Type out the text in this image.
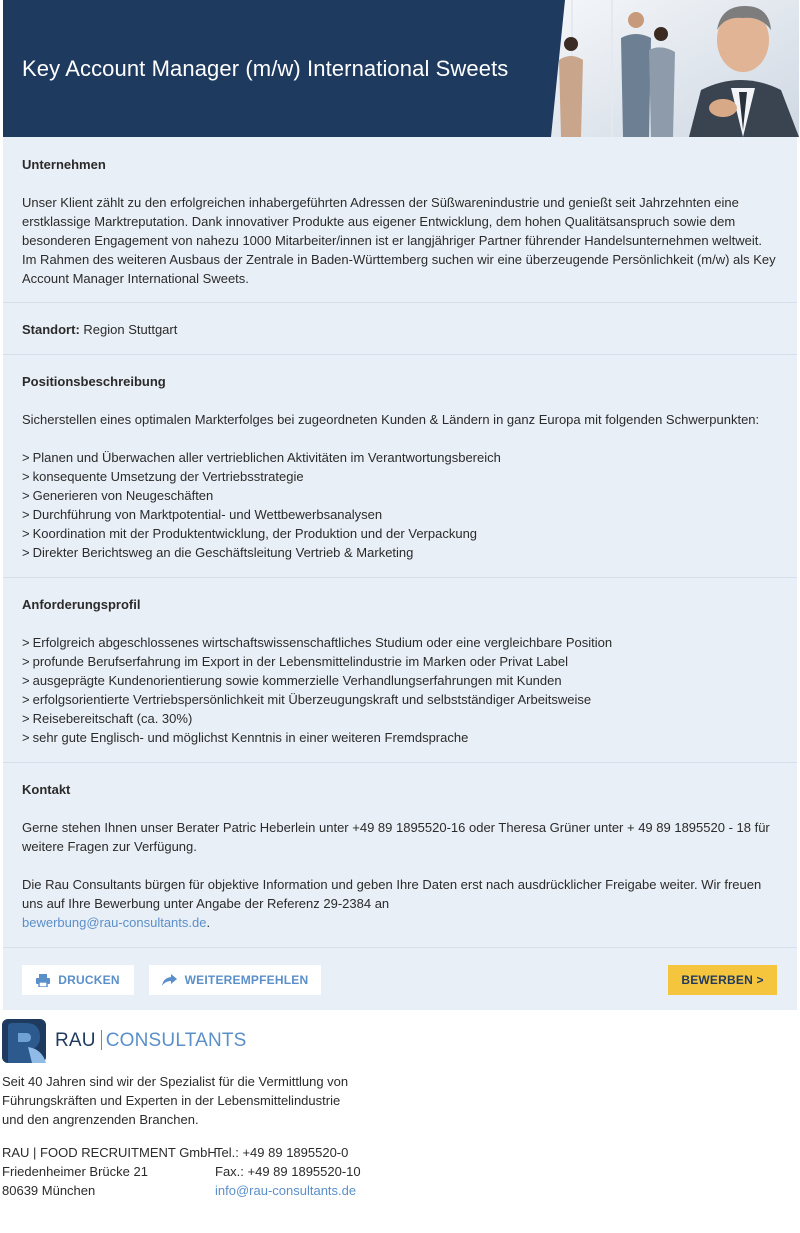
Key Account Manager (m/w) International Sweets
Unternehmen

Unser Klient zählt zu den erfolgreichen inhabergeführten Adressen der Süßwarenindustrie und genießt seit Jahrzehnten eine erstklassige Marktreputation. Dank innovativer Produkte aus eigener Entwicklung, dem hohen Qualitätsanspruch sowie dem besonderen Engagement von nahezu 1000 Mitarbeiter/innen ist er langjähriger Partner führender Handelsunternehmen weltweit. Im Rahmen des weiteren Ausbaus der Zentrale in Baden-Württemberg suchen wir eine überzeugende Persönlichkeit (m/w) als Key Account Manager International Sweets.

Standort: Region Stuttgart

Positionsbeschreibung

Sicherstellen eines optimalen Markterfolges bei zugeordneten Kunden & Ländern in ganz Europa mit folgenden Schwerpunkten:

> Planen und Überwachen aller vertrieblichen Aktivitäten im Verantwortungsbereich
> konsequente Umsetzung der Vertriebsstrategie
> Generieren von Neugeschäften
> Durchführung von Marktpotential- und Wettbewerbsanalysen
> Koordination mit der Produktentwicklung, der Produktion und der Verpackung
> Direkter Berichtsweg an die Geschäftsleitung Vertrieb & Marketing
Anforderungsprofil
> Erfolgreich abgeschlossenes wirtschaftswissenschaftliches Studium oder eine vergleichbare Position
> profunde Berufserfahrung im Export in der Lebensmittelindustrie im Marken oder Privat Label
> ausgeprägte Kundenorientierung sowie kommerzielle Verhandlungserfahrungen mit Kunden
> erfolgsorientierte Vertriebspersönlichkeit mit Überzeugungskraft und selbstständiger Arbeitsweise
> Reisebereitschaft (ca. 30%)
> sehr gute Englisch- und möglichst Kenntnis in einer weiteren Fremdsprache
Kontakt

Gerne stehen Ihnen unser Berater Patric Heberlein unter +49 89 1895520-16 oder Theresa Grüner unter + 49 89 1895520 - 18 für weitere Fragen zur Verfügung.

Die Rau Consultants bürgen für objektive Information und geben Ihre Daten erst nach ausdrücklicher Freigabe weiter. Wir freuen uns auf Ihre Bewerbung unter Angabe der Referenz 29-2384 an
bewerbung@rau-consultants.de.

DRUCKEN	WEITEREMPFEHLEN	BEWERBEN >
RAU CONSULTANTS

Seit 40 Jahren sind wir der Spezialist für die Vermittlung von Führungskräften und Experten in der Lebensmittelindustrie und den angrenzenden Branchen.

RAU | FOOD RECRUITMENT GmbH
Friedenheimer Brücke 21
80639 München
Tel.: +49 89 1895520-0
Fax.: +49 89 1895520-10
info@rau-consultants.de
